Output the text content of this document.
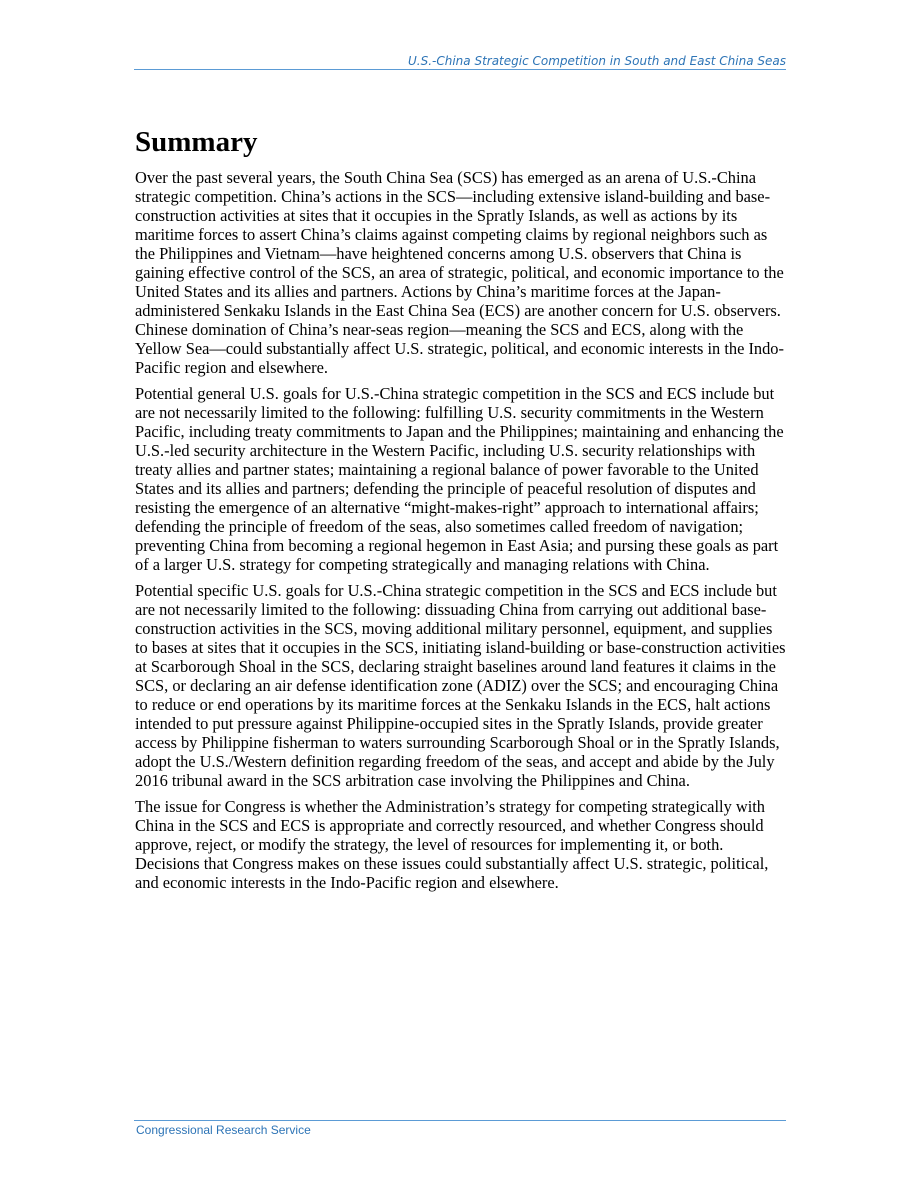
U.S.-China Strategic Competition in South and East China Seas
Summary

Over the past several years, the South China Sea (SCS) has emerged as an arena of U.S.-China strategic competition. China’s actions in the SCS—including extensive island-building and base-construction activities at sites that it occupies in the Spratly Islands, as well as actions by its maritime forces to assert China’s claims against competing claims by regional neighbors such as the Philippines and Vietnam—have heightened concerns among U.S. observers that China is gaining effective control of the SCS, an area of strategic, political, and economic importance to the United States and its allies and partners. Actions by China’s maritime forces at the Japan-administered Senkaku Islands in the East China Sea (ECS) are another concern for U.S. observers. Chinese domination of China’s near-seas region—meaning the SCS and ECS, along with the Yellow Sea—could substantially affect U.S. strategic, political, and economic interests in the Indo-Pacific region and elsewhere.

Potential general U.S. goals for U.S.-China strategic competition in the SCS and ECS include but are not necessarily limited to the following: fulfilling U.S. security commitments in the Western Pacific, including treaty commitments to Japan and the Philippines; maintaining and enhancing the U.S.-led security architecture in the Western Pacific, including U.S. security relationships with treaty allies and partner states; maintaining a regional balance of power favorable to the United States and its allies and partners; defending the principle of peaceful resolution of disputes and resisting the emergence of an alternative “might-makes-right” approach to international affairs; defending the principle of freedom of the seas, also sometimes called freedom of navigation; preventing China from becoming a regional hegemon in East Asia; and pursing these goals as part of a larger U.S. strategy for competing strategically and managing relations with China.

Potential specific U.S. goals for U.S.-China strategic competition in the SCS and ECS include but are not necessarily limited to the following: dissuading China from carrying out additional base-construction activities in the SCS, moving additional military personnel, equipment, and supplies to bases at sites that it occupies in the SCS, initiating island-building or base-construction activities at Scarborough Shoal in the SCS, declaring straight baselines around land features it claims in the SCS, or declaring an air defense identification zone (ADIZ) over the SCS; and encouraging China to reduce or end operations by its maritime forces at the Senkaku Islands in the ECS, halt actions intended to put pressure against Philippine-occupied sites in the Spratly Islands, provide greater access by Philippine fisherman to waters surrounding Scarborough Shoal or in the Spratly Islands, adopt the U.S./Western definition regarding freedom of the seas, and accept and abide by the July 2016 tribunal award in the SCS arbitration case involving the Philippines and China.

The issue for Congress is whether the Administration’s strategy for competing strategically with China in the SCS and ECS is appropriate and correctly resourced, and whether Congress should approve, reject, or modify the strategy, the level of resources for implementing it, or both. Decisions that Congress makes on these issues could substantially affect U.S. strategic, political, and economic interests in the Indo-Pacific region and elsewhere.

Congressional Research Service
